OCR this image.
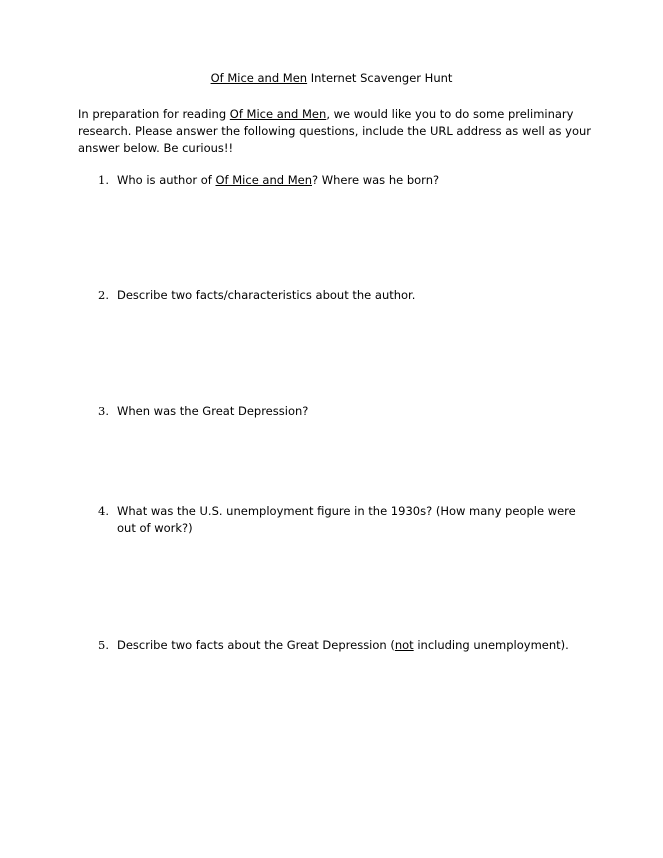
Of Mice and Men Internet Scavenger Hunt
In preparation for reading Of Mice and Men, we would like you to do some preliminary research. Please answer the following questions, include the URL address as well as your answer below. Be curious!!
1. Who is author of Of Mice and Men? Where was he born?
2. Describe two facts/characteristics about the author.
3. When was the Great Depression?
4. What was the U.S. unemployment figure in the 1930s? (How many people were out of work?)
5. Describe two facts about the Great Depression (not including unemployment).
